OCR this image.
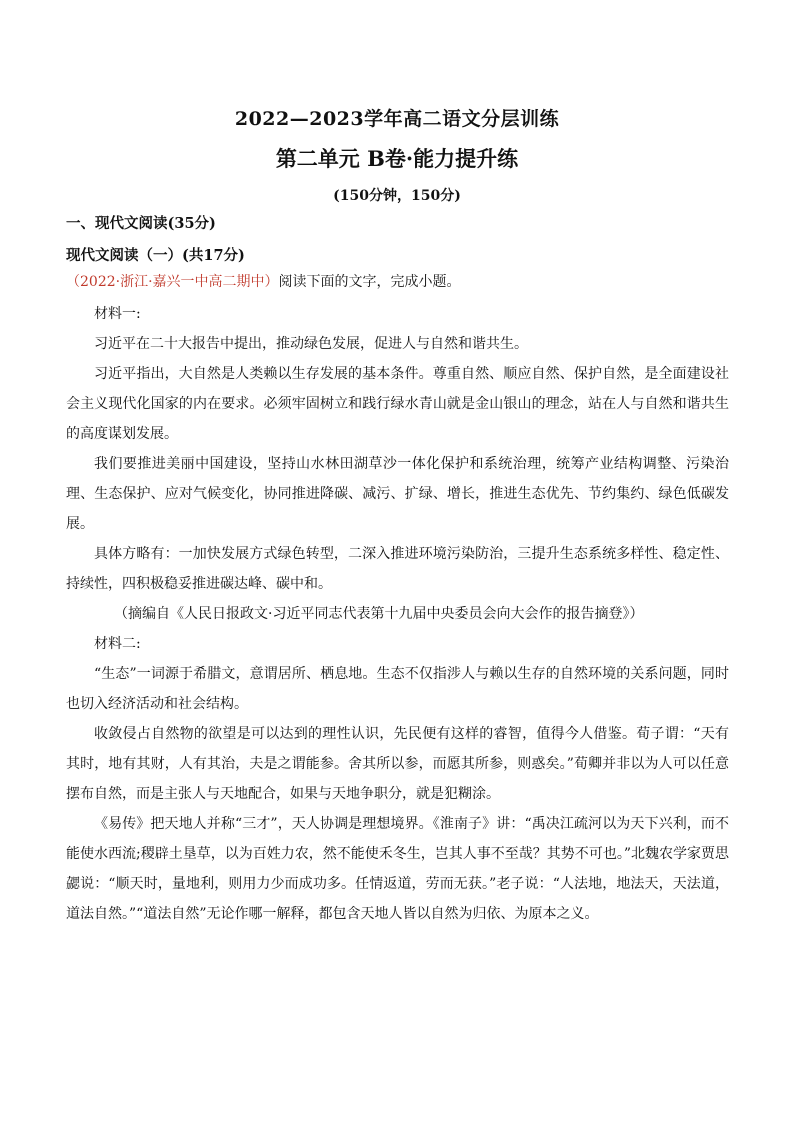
2022—2023学年高二语文分层训练
第二单元 B卷·能力提升练
(150分钟，150分)
一、现代文阅读(35分)
现代文阅读（一）(共17分)
（2022·浙江·嘉兴一中高二期中）阅读下面的文字，完成小题。

材料一:

习近平在二十大报告中提出，推动绿色发展，促进人与自然和谐共生。

习近平指出，大自然是人类赖以生存发展的基本条件。尊重自然、顺应自然、保护自然，是全面建设社会主义现代化国家的内在要求。必须牢固树立和践行绿水青山就是金山银山的理念，站在人与自然和谐共生的高度谋划发展。

我们要推进美丽中国建设，坚持山水林田湖草沙一体化保护和系统治理，统筹产业结构调整、污染治理、生态保护、应对气候变化，协同推进降碳、减污、扩绿、增长，推进生态优先、节约集约、绿色低碳发展。

具体方略有：一加快发展方式绿色转型，二深入推进环境污染防治，三提升生态系统多样性、稳定性、持续性，四积极稳妥推进碳达峰、碳中和。

（摘编自《人民日报政文·习近平同志代表第十九届中央委员会向大会作的报告摘登》）

材料二:

“生态”一词源于希腊文，意谓居所、栖息地。生态不仅指涉人与赖以生存的自然环境的关系问题，同时也切入经济活动和社会结构。

收敛侵占自然物的欲望是可以达到的理性认识，先民便有这样的睿智，值得今人借鉴。荀子谓：“天有其时，地有其财，人有其治，夫是之谓能参。舍其所以参，而愿其所参，则惑矣。”荀卿并非以为人可以任意摆布自然，而是主张人与天地配合，如果与天地争职分，就是犯糊涂。

《易传》把天地人并称“三才”，天人协调是理想境界。《淮南子》讲：“禹决江疏河以为天下兴利，而不能使水西流;稷辟土垦草，以为百姓力农，然不能使禾冬生，岂其人事不至哉？其势不可也。”北魏农学家贾思勰说：“顺天时，量地利，则用力少而成功多。任情返道，劳而无获。”老子说：“人法地，地法天，天法道，道法自然。”“道法自然”无论作哪一解释，都包含天地人皆以自然为归依、为原本之义。
